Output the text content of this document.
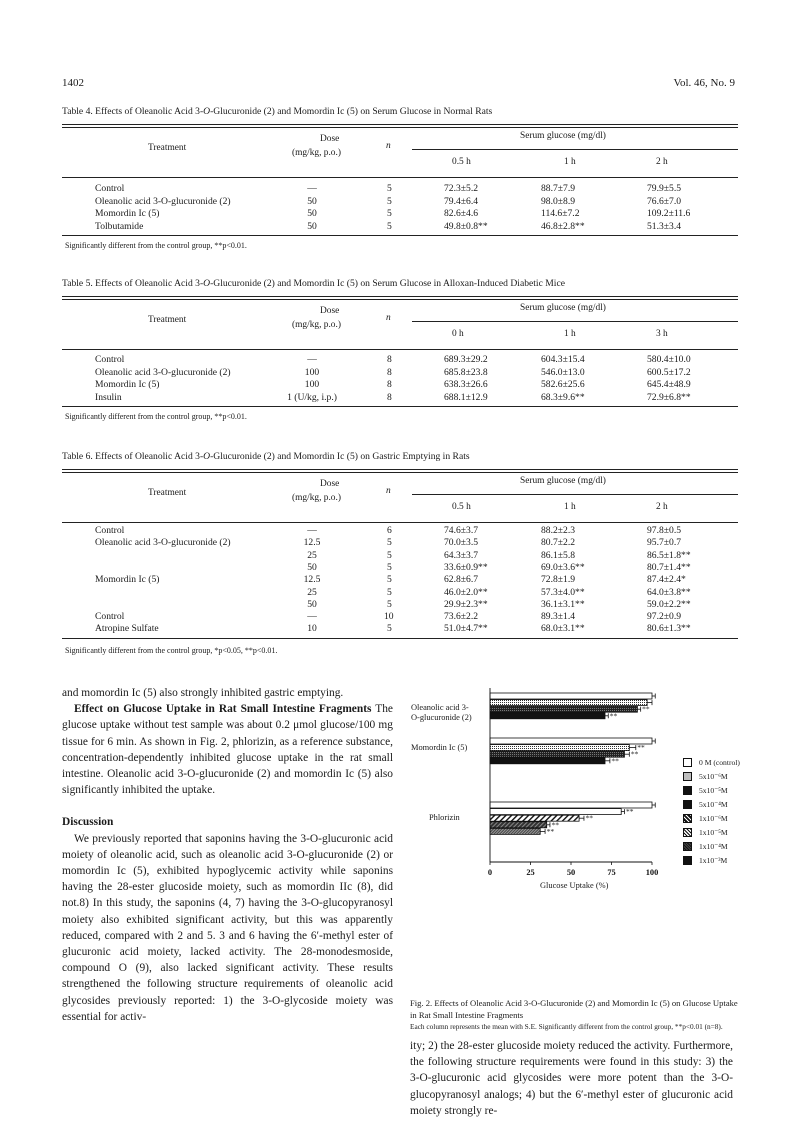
1402	Vol. 46, No. 9
Table 4. Effects of Oleanolic Acid 3-O-Glucuronide (2) and Momordin Ic (5) on Serum Glucose in Normal Rats
Treatment
Dose
(mg/kg, p.o.)
n
Serum glucose (mg/dl)
0.5 h	1 h	2 h
Control	—	5	72.3±5.2	88.7±7.9	79.9±5.5
Oleanolic acid 3-O-glucuronide (2)	50	5	79.4±6.4	98.0±8.9	76.6±7.0
Momordin Ic (5)	50	5	82.6±4.6	114.6±7.2	109.2±11.6
Tolbutamide	50	5	49.8±0.8**	46.8±2.8**	51.3±3.4
Significantly different from the control group, **p<0.01.
Table 5. Effects of Oleanolic Acid 3-O-Glucuronide (2) and Momordin Ic (5) on Serum Glucose in Alloxan-Induced Diabetic Mice
Treatment
Dose
(mg/kg, p.o.)
n
Serum glucose (mg/dl)
0 h	1 h	3 h
Control	—	8	689.3±29.2	604.3±15.4	580.4±10.0
Oleanolic acid 3-O-glucuronide (2)	100	8	685.8±23.8	546.0±13.0	600.5±17.2
Momordin Ic (5)	100	8	638.3±26.6	582.6±25.6	645.4±48.9
Insulin	1 (U/kg, i.p.)	8	688.1±12.9	68.3±9.6**	72.9±6.8**
Significantly different from the control group, **p<0.01.
Table 6. Effects of Oleanolic Acid 3-O-Glucuronide (2) and Momordin Ic (5) on Gastric Emptying in Rats
Treatment
Dose
(mg/kg, p.o.)
n
Serum glucose (mg/dl)
0.5 h	1 h	2 h
Control	—	6	74.6±3.7	88.2±2.3	97.8±0.5
Oleanolic acid 3-O-glucuronide (2)	12.5	5	70.0±3.5	80.7±2.2	95.7±0.7
25	5	64.3±3.7	86.1±5.8	86.5±1.8**
50	5	33.6±0.9**	69.0±3.6**	80.7±1.4**
Momordin Ic (5)	12.5	5	62.8±6.7	72.8±1.9	87.4±2.4*
25	5	46.0±2.0**	57.3±4.0**	64.0±3.8**
50	5	29.9±2.3**	36.1±3.1**	59.0±2.2**
Control	—	10	73.6±2.2	89.3±1.4	97.2±0.9
Atropine Sulfate	10	5	51.0±4.7**	68.0±3.1**	80.6±1.3**
Significantly different from the control group, *p<0.05, **p<0.01.

and momordin Ic (5) also strongly inhibited gastric emptying.

Effect on Glucose Uptake in Rat Small Intestine Fragments The glucose uptake without test sample was about 0.2 μmol glucose/100 mg tissue for 6 min. As shown in Fig. 2, phlorizin, as a reference substance, concentration-dependently inhibited glucose uptake in the rat small intestine. Oleanolic acid 3-O-glucuronide (2) and momordin Ic (5) also significantly inhibited the uptake.

Discussion

We previously reported that saponins having the 3-O-glucuronic acid moiety of oleanolic acid, such as oleanolic acid 3-O-glucuronide (2) or momordin Ic (5), exhibited hypoglycemic activity while saponins having the 28-ester glucoside moiety, such as momordin IIc (8), did not.8) In this study, the saponins (4, 7) having the 3-O-glucopyranosyl moiety also exhibited significant activity, but this was apparently reduced, compared with 2 and 5. 3 and 6 having the 6′-methyl ester of glucuronic acid moiety, lacked activity. The 28-monodesmoside, compound O (9), also lacked significant activity. These results strengthened the following structure requirements of oleanolic acid glycosides previously reported: 1) the 3-O-glycoside moiety was essential for activ-

ity; 2) the 28-ester glucoside moiety reduced the activity. Furthermore, the following structure requirements were found in this study: 3) the 3-O-glucuronic acid glycosides were more potent than the 3-O-glucopyranosyl analogs; 4) but the 6′-methyl ester of glucuronic acid moiety strongly re-

**
**
**
**
**
**
**
**
**
0	25	50	75	100
Oleanolic acid 3-
O-glucuronide (2)
Momordin Ic (5)
Phlorizin
Glucose Uptake (%)
0 M (control)
5x10⁻⁶M
5x10⁻⁵M
5x10⁻⁴M
1x10⁻⁶M
1x10⁻⁵M
1x10⁻⁴M
1x10⁻³M
Fig. 2. Effects of Oleanolic Acid 3-O-Glucuronide (2) and Momordin Ic (5) on Glucose Uptake in Rat Small Intestine Fragments
Each column represents the mean with S.E. Significantly different from the control group, **p<0.01 (n=8).
